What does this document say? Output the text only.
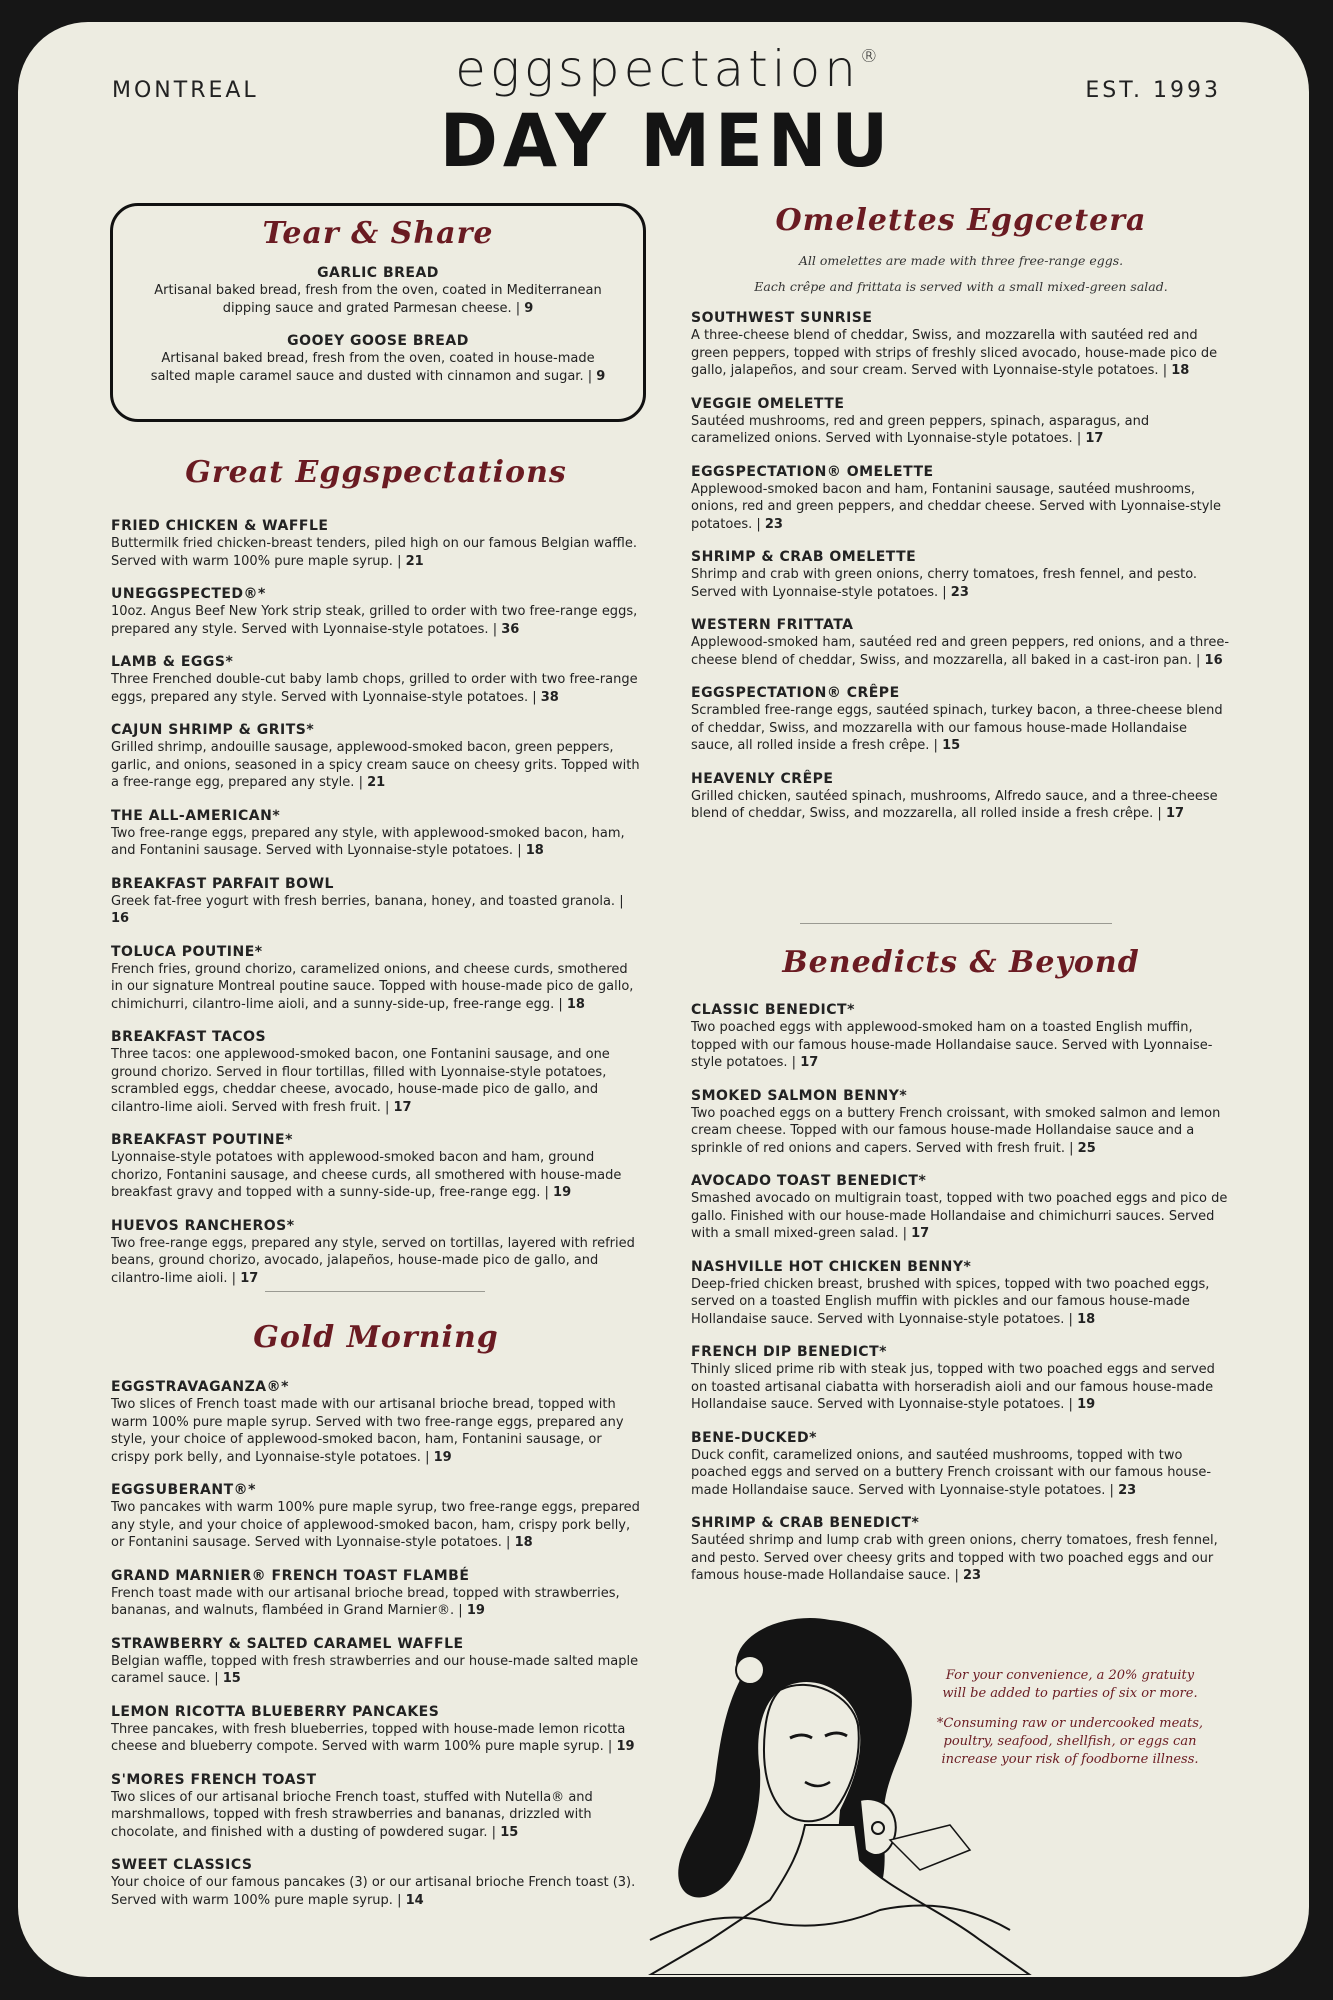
MONTREAL	EST. 1993
eggspectation®
DAY MENU
Tear & Share
GARLIC BREAD
Artisanal baked bread, fresh from the oven, coated in Mediterranean dipping sauce and grated Parmesan cheese. | 9
GOOEY GOOSE BREAD
Artisanal baked bread, fresh from the oven, coated in house-made salted maple caramel sauce and dusted with cinnamon and sugar. | 9
Great Eggspectations
FRIED CHICKEN & WAFFLE
Buttermilk fried chicken-breast tenders, piled high on our famous Belgian waffle. Served with warm 100% pure maple syrup. | 21
UNEGGSPECTED®*
10oz. Angus Beef New York strip steak, grilled to order with two free-range eggs, prepared any style. Served with Lyonnaise-style potatoes. | 36
LAMB & EGGS*
Three Frenched double-cut baby lamb chops, grilled to order with two free-range eggs, prepared any style. Served with Lyonnaise-style potatoes. | 38
CAJUN SHRIMP & GRITS*
Grilled shrimp, andouille sausage, applewood-smoked bacon, green peppers, garlic, and onions, seasoned in a spicy cream sauce on cheesy grits. Topped with a free-range egg, prepared any style. | 21
THE ALL-AMERICAN*
Two free-range eggs, prepared any style, with applewood-smoked bacon, ham, and Fontanini sausage. Served with Lyonnaise-style potatoes. | 18
BREAKFAST PARFAIT BOWL
Greek fat-free yogurt with fresh berries, banana, honey, and toasted granola. | 16
TOLUCA POUTINE*
French fries, ground chorizo, caramelized onions, and cheese curds, smothered in our signature Montreal poutine sauce. Topped with house-made pico de gallo, chimichurri, cilantro-lime aioli, and a sunny-side-up, free-range egg. | 18
BREAKFAST TACOS
Three tacos: one applewood-smoked bacon, one Fontanini sausage, and one ground chorizo. Served in flour tortillas, filled with Lyonnaise-style potatoes, scrambled eggs, cheddar cheese, avocado, house-made pico de gallo, and cilantro-lime aioli. Served with fresh fruit. | 17
BREAKFAST POUTINE*
Lyonnaise-style potatoes with applewood-smoked bacon and ham, ground chorizo, Fontanini sausage, and cheese curds, all smothered with house-made breakfast gravy and topped with a sunny-side-up, free-range egg. | 19
HUEVOS RANCHEROS*
Two free-range eggs, prepared any style, served on tortillas, layered with refried beans, ground chorizo, avocado, jalapeños, house-made pico de gallo, and cilantro-lime aioli. | 17
Gold Morning
EGGSTRAVAGANZA®*
Two slices of French toast made with our artisanal brioche bread, topped with warm 100% pure maple syrup. Served with two free-range eggs, prepared any style, your choice of applewood-smoked bacon, ham, Fontanini sausage, or crispy pork belly, and Lyonnaise-style potatoes. | 19
EGGSUBERANT®*
Two pancakes with warm 100% pure maple syrup, two free-range eggs, prepared any style, and your choice of applewood-smoked bacon, ham, crispy pork belly, or Fontanini sausage. Served with Lyonnaise-style potatoes. | 18
GRAND MARNIER® FRENCH TOAST FLAMBÉ
French toast made with our artisanal brioche bread, topped with strawberries, bananas, and walnuts, flambéed in Grand Marnier®. | 19
STRAWBERRY & SALTED CARAMEL WAFFLE
Belgian waffle, topped with fresh strawberries and our house-made salted maple caramel sauce. | 15
LEMON RICOTTA BLUEBERRY PANCAKES
Three pancakes, with fresh blueberries, topped with house-made lemon ricotta cheese and blueberry compote. Served with warm 100% pure maple syrup. | 19
S'MORES FRENCH TOAST
Two slices of our artisanal brioche French toast, stuffed with Nutella® and marshmallows, topped with fresh strawberries and bananas, drizzled with chocolate, and finished with a dusting of powdered sugar. | 15
SWEET CLASSICS
Your choice of our famous pancakes (3) or our artisanal brioche French toast (3). Served with warm 100% pure maple syrup. | 14
Omelettes Eggcetera
All omelettes are made with three free-range eggs.
Each crêpe and frittata is served with a small mixed-green salad.
SOUTHWEST SUNRISE
A three-cheese blend of cheddar, Swiss, and mozzarella with sautéed red and green peppers, topped with strips of freshly sliced avocado, house-made pico de gallo, jalapeños, and sour cream. Served with Lyonnaise-style potatoes. | 18
VEGGIE OMELETTE
Sautéed mushrooms, red and green peppers, spinach, asparagus, and caramelized onions. Served with Lyonnaise-style potatoes. | 17
EGGSPECTATION® OMELETTE
Applewood-smoked bacon and ham, Fontanini sausage, sautéed mushrooms, onions, red and green peppers, and cheddar cheese. Served with Lyonnaise-style potatoes. | 23
SHRIMP & CRAB OMELETTE
Shrimp and crab with green onions, cherry tomatoes, fresh fennel, and pesto. Served with Lyonnaise-style potatoes. | 23
WESTERN FRITTATA
Applewood-smoked ham, sautéed red and green peppers, red onions, and a three-cheese blend of cheddar, Swiss, and mozzarella, all baked in a cast-iron pan. | 16
EGGSPECTATION® CRÊPE
Scrambled free-range eggs, sautéed spinach, turkey bacon, a three-cheese blend of cheddar, Swiss, and mozzarella with our famous house-made Hollandaise sauce, all rolled inside a fresh crêpe. | 15
HEAVENLY CRÊPE
Grilled chicken, sautéed spinach, mushrooms, Alfredo sauce, and a three-cheese blend of cheddar, Swiss, and mozzarella, all rolled inside a fresh crêpe. | 17
Benedicts & Beyond
CLASSIC BENEDICT*
Two poached eggs with applewood-smoked ham on a toasted English muffin, topped with our famous house-made Hollandaise sauce. Served with Lyonnaise-style potatoes. | 17
SMOKED SALMON BENNY*
Two poached eggs on a buttery French croissant, with smoked salmon and lemon cream cheese. Topped with our famous house-made Hollandaise sauce and a sprinkle of red onions and capers. Served with fresh fruit. | 25
AVOCADO TOAST BENEDICT*
Smashed avocado on multigrain toast, topped with two poached eggs and pico de gallo. Finished with our house-made Hollandaise and chimichurri sauces. Served with a small mixed-green salad. | 17
NASHVILLE HOT CHICKEN BENNY*
Deep-fried chicken breast, brushed with spices, topped with two poached eggs, served on a toasted English muffin with pickles and our famous house-made Hollandaise sauce. Served with Lyonnaise-style potatoes. | 18
FRENCH DIP BENEDICT*
Thinly sliced prime rib with steak jus, topped with two poached eggs and served on toasted artisanal ciabatta with horseradish aioli and our famous house-made Hollandaise sauce. Served with Lyonnaise-style potatoes. | 19
BENE-DUCKED*
Duck confit, caramelized onions, and sautéed mushrooms, topped with two poached eggs and served on a buttery French croissant with our famous house-made Hollandaise sauce. Served with Lyonnaise-style potatoes. | 23
SHRIMP & CRAB BENEDICT*
Sautéed shrimp and lump crab with green onions, cherry tomatoes, fresh fennel, and pesto. Served over cheesy grits and topped with two poached eggs and our famous house-made Hollandaise sauce. | 23
For your convenience, a 20% gratuity will be added to parties of six or more.
*Consuming raw or undercooked meats, poultry, seafood, shellfish, or eggs can increase your risk of foodborne illness.
